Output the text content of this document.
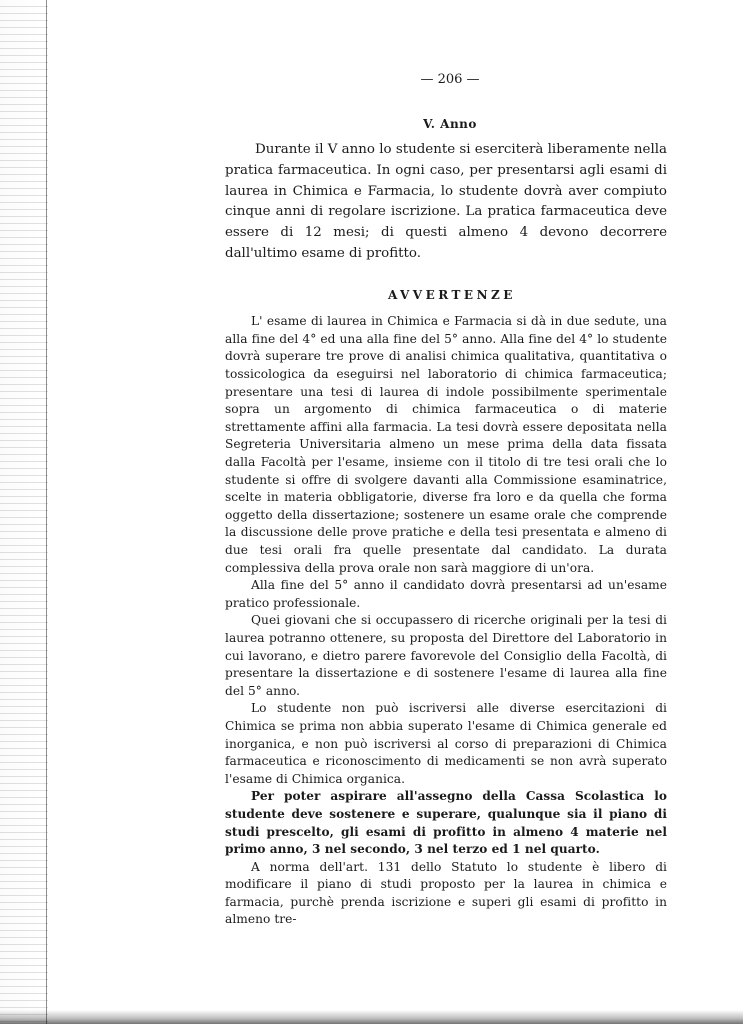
— 206 —
V. Anno

Durante il V anno lo studente si eserciterà liberamente nella pratica farmaceutica. In ogni caso, per presentarsi agli esami di laurea in Chimica e Farmacia, lo studente dovrà aver compiuto cinque anni di regolare iscrizione. La pratica farmaceutica deve essere di 12 mesi; di questi almeno 4 devono decorrere dall'ultimo esame di profitto.

AVVERTENZE

L' esame di laurea in Chimica e Farmacia si dà in due sedute, una alla fine del 4° ed una alla fine del 5° anno. Alla fine del 4° lo studente dovrà superare tre prove di analisi chimica qualitativa, quantitativa o tossicologica da eseguirsi nel laboratorio di chimica farmaceutica; presentare una tesi di laurea di indole possibilmente sperimentale sopra un argomento di chimica farmaceutica o di materie strettamente affini alla farmacia. La tesi dovrà essere depositata nella Segreteria Universitaria almeno un mese prima della data fissata dalla Facoltà per l'esame, insieme con il titolo di tre tesi orali che lo studente si offre di svolgere davanti alla Commissione esaminatrice, scelte in materia obbligatorie, diverse fra loro e da quella che forma oggetto della dissertazione; sostenere un esame orale che comprende la discussione delle prove pratiche e della tesi presentata e almeno di due tesi orali fra quelle presentate dal candidato. La durata complessiva della prova orale non sarà maggiore di un'ora.

Alla fine del 5° anno il candidato dovrà presentarsi ad un'esame pratico professionale.

Quei giovani che si occupassero di ricerche originali per la tesi di laurea potranno ottenere, su proposta del Direttore del Laboratorio in cui lavorano, e dietro parere favorevole del Consiglio della Facoltà, di presentare la dissertazione e di sostenere l'esame di laurea alla fine del 5° anno.

Lo studente non può iscriversi alle diverse esercitazioni di Chimica se prima non abbia superato l'esame di Chimica generale ed inorganica, e non può iscriversi al corso di preparazioni di Chimica farmaceutica e riconoscimento di medicamenti se non avrà superato l'esame di Chimica organica.

Per poter aspirare all'assegno della Cassa Scolastica lo studente deve sostenere e superare, qualunque sia il piano di studi prescelto, gli esami di profitto in almeno 4 materie nel primo anno, 3 nel secondo, 3 nel terzo ed 1 nel quarto.

A norma dell'art. 131 dello Statuto lo studente è libero di modificare il piano di studi proposto per la laurea in chimica e farmacia, purchè prenda iscrizione e superi gli esami di profitto in almeno tre-
